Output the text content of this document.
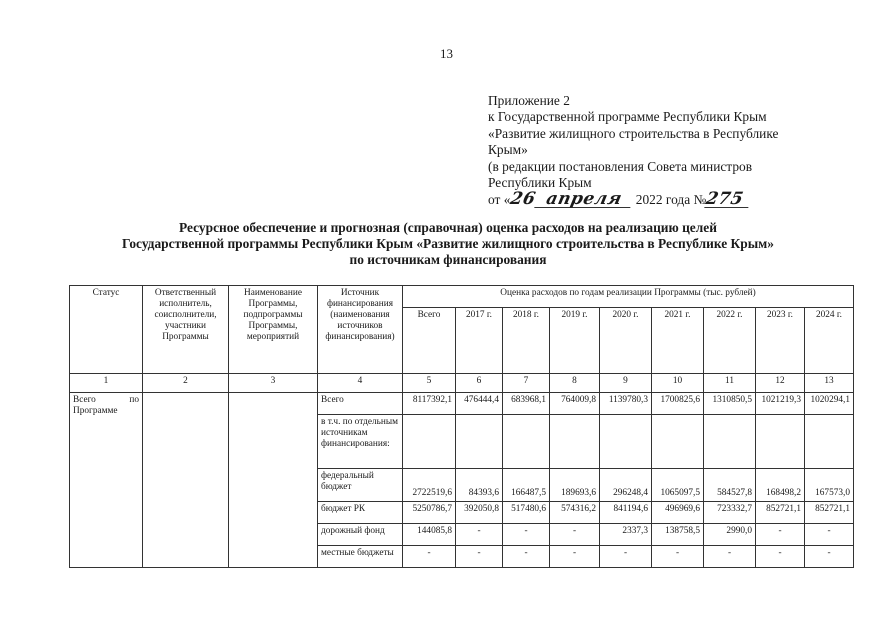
13
Приложение 2
к Государственной программе Республики Крым
«Развитие жилищного строительства в Республике
Крым»
(в редакции постановления Совета министров
Республики Крым
от «26 апреля 2022 года №275
Ресурсное обеспечение и прогнозная (справочная) оценка расходов на реализацию целей
Государственной программы Республики Крым «Развитие жилищного строительства в Республике Крым»
по источникам финансирования
Статус	Ответственный исполнитель, соисполнители, участники Программы	Наименование Программы, подпрограммы Программы, мероприятий	Источник финансирования (наименования источников финансирования)	Оценка расходов по годам реализации Программы (тыс. рублей)								
				Всего	2017 г.	2018 г.	2019 г.	2020 г.	2021 г.	2022 г.	2023 г.	2024 г.
1	2	3	4	5	6	7	8	9	10	11	12	13
Всего по Программе			Всего	8117392,1	476444,4	683968,1	764009,8	1139780,3	1700825,6	1310850,5	1021219,3	1020294,1
			в т.ч. по отдельным источникам финансирования:									
			федеральный бюджет	2722519,6	84393,6	166487,5	189693,6	296248,4	1065097,5	584527,8	168498,2	167573,0
			бюджет РК	5250786,7	392050,8	517480,6	574316,2	841194,6	496969,6	723332,7	852721,1	852721,1
			дорожный фонд	144085,8	-	-	-	2337,3	138758,5	2990,0	-	-
			местные бюджеты	-	-	-	-	-	-	-	-	-
